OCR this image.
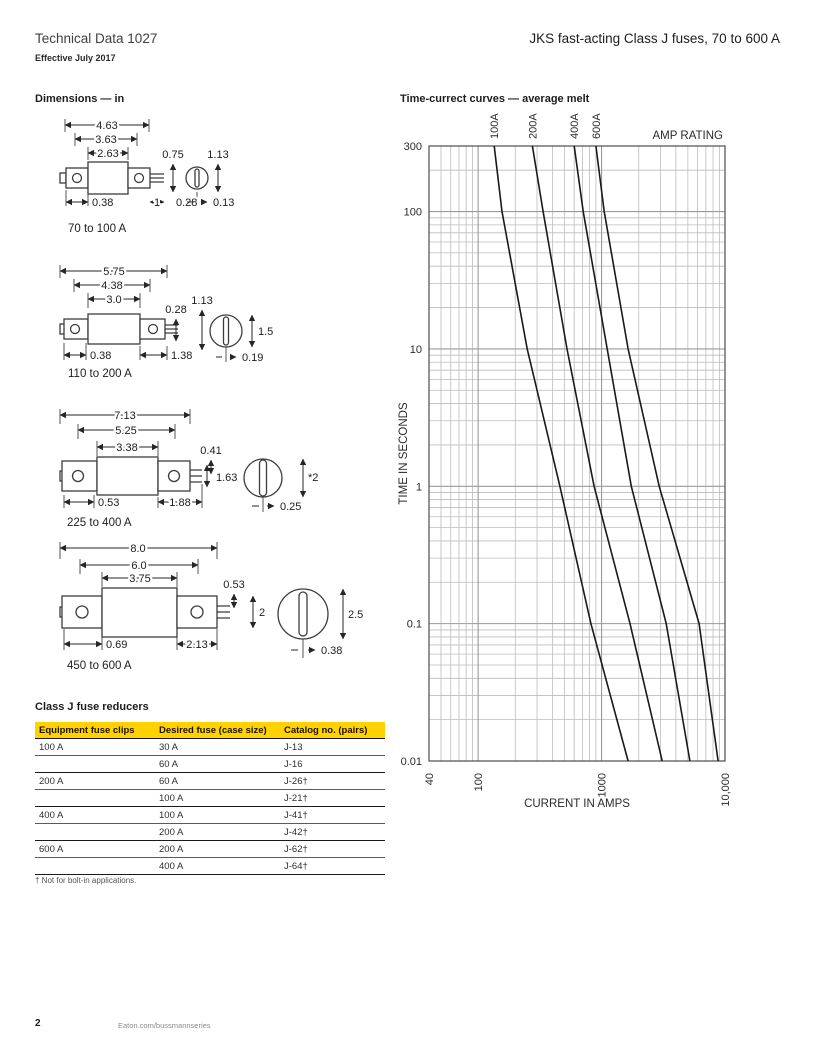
Technical Data 1027
Effective July 2017
JKS fast-acting Class J fuses, 70 to 600 A
Dimensions — in	Time-currect curves — average melt
4.63
3.63
2.63	0.75 1.13
0.38	1 0.28 0.13
70 to 100 A
5.75
4.38
3.0	1.13
0.28
1.5
0.38	1.38	0.19
110 to 200 A
7.13
5.25
3.38	0.41
1.63	*2
0.53	1.88	0.25
225 to 400 A
8.0
6.0
3.75	0.53
2	2.5
0.69	2.13	0.38
450 to 600 A
300
100
10
1
0.1
0.01
40	100	1000	10,000
100A 200A	400A 600A	AMP RATING
TIME IN SECONDS
CURRENT IN AMPS
Class J fuse reducers
Equipment fuse clips	Desired fuse (case size)	Catalog no. (pairs)
100 A	30 A	J-13
	60 A	J-16
200 A	60 A	J-26†
	100 A	J-21†
400 A	100 A	J-41†
	200 A	J-42†
600 A	200 A	J-62†
	400 A	J-64†
† Not for bolt-in applications.
2	Eaton.com/bussmannseries
